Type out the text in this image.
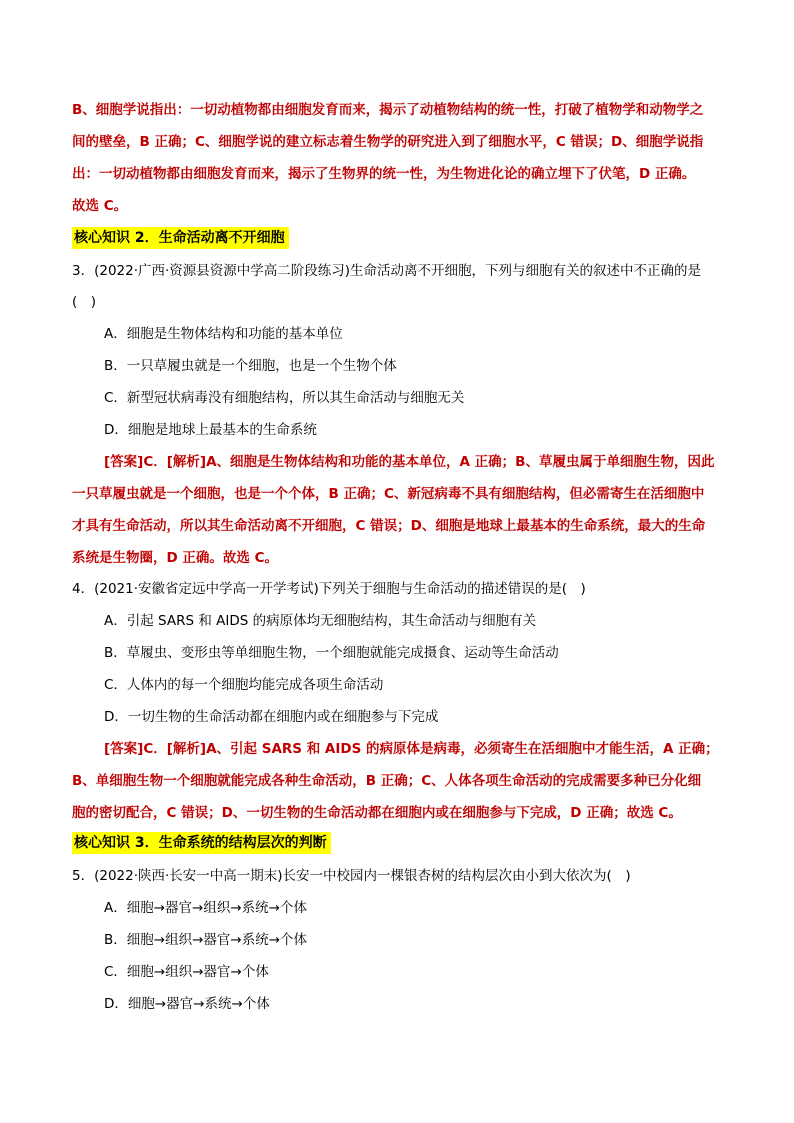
B、细胞学说指出：一切动植物都由细胞发育而来，揭示了动植物结构的统一性，打破了植物学和动物学之
间的壁垒，B 正确；C、细胞学说的建立标志着生物学的研究进入到了细胞水平，C 错误；D、细胞学说指
出：一切动植物都由细胞发育而来，揭示了生物界的统一性，为生物进化论的确立埋下了伏笔，D 正确。
故选 C。
核心知识 2．生命活动离不开细胞
3．(2022·广西·资源县资源中学高二阶段练习)生命活动离不开细胞，下列与细胞有关的叙述中不正确的是
(　)
A．细胞是生物体结构和功能的基本单位
B．一只草履虫就是一个细胞，也是一个生物个体
C．新型冠状病毒没有细胞结构，所以其生命活动与细胞无关
D．细胞是地球上最基本的生命系统
[答案]C．[解析]A、细胞是生物体结构和功能的基本单位，A 正确；B、草履虫属于单细胞生物，因此
一只草履虫就是一个细胞，也是一个个体，B 正确；C、新冠病毒不具有细胞结构，但必需寄生在活细胞中
才具有生命活动，所以其生命活动离不开细胞，C 错误；D、细胞是地球上最基本的生命系统，最大的生命
系统是生物圈，D 正确。故选 C。
4．(2021·安徽省定远中学高一开学考试)下列关于细胞与生命活动的描述错误的是(　)
A．引起 SARS 和 AIDS 的病原体均无细胞结构，其生命活动与细胞有关
B．草履虫、变形虫等单细胞生物，一个细胞就能完成摄食、运动等生命活动
C．人体内的每一个细胞均能完成各项生命活动
D．一切生物的生命活动都在细胞内或在细胞参与下完成
[答案]C．[解析]A、引起 SARS 和 AIDS 的病原体是病毒，必须寄生在活细胞中才能生活，A 正确；
B、单细胞生物一个细胞就能完成各种生命活动，B 正确；C、人体各项生命活动的完成需要多种已分化细
胞的密切配合，C 错误；D、一切生物的生命活动都在细胞内或在细胞参与下完成，D 正确；故选 C。
核心知识 3．生命系统的结构层次的判断
5．(2022·陕西·长安一中高一期末)长安一中校园内一棵银杏树的结构层次由小到大依次为(　)
A．细胞→器官→组织→系统→个体
B．细胞→组织→器官→系统→个体
C．细胞→组织→器官→个体
D．细胞→器官→系统→个体
